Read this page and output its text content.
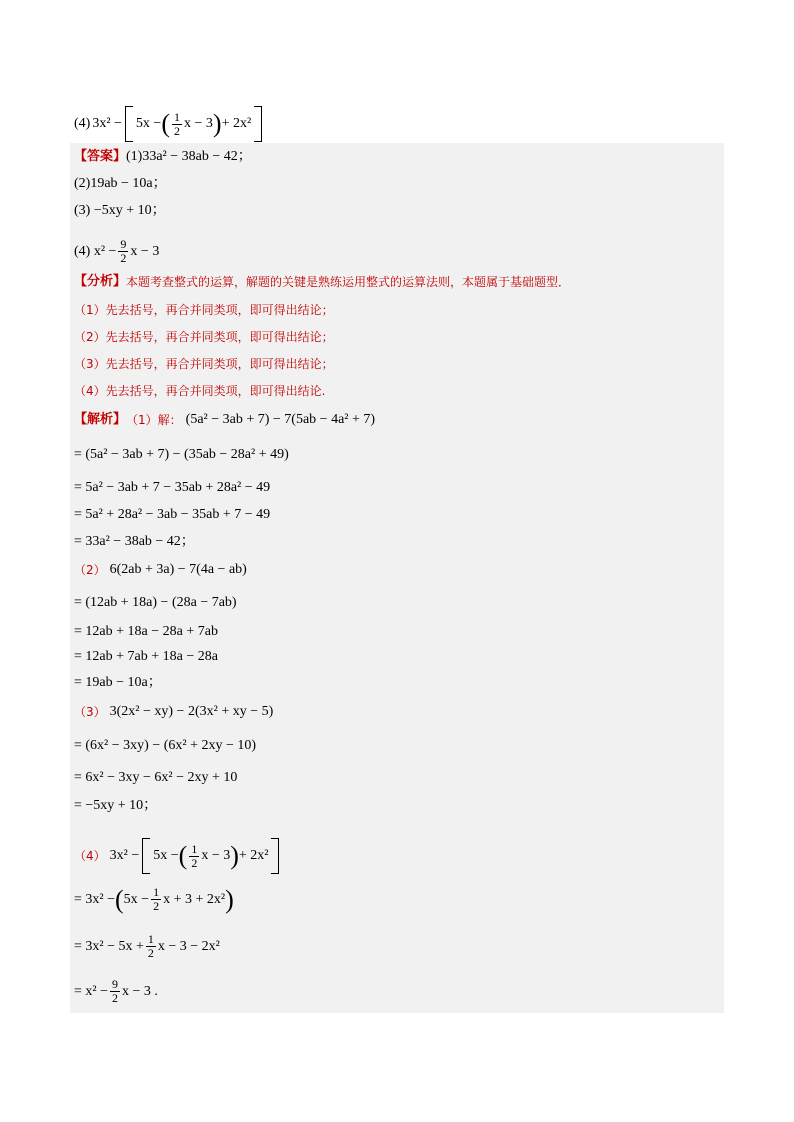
(4) 3x² − 5x − ( $\frac{1}{2}$ x − 3 ) + 2x²
【答案】 (1)33a² − 38ab − 42；
(2)19ab − 10a；
(3) −5xy + 10；
(4) $x^2 - \frac{9}{2}$ x − 3
【分析】 本题考查整式的运算，解题的关键是熟练运用整式的运算法则，本题属于基础题型．
（1）先去括号，再合并同类项，即可得出结论；
（2）先去括号，再合并同类项，即可得出结论；
（3）先去括号，再合并同类项，即可得出结论；
（4）先去括号，再合并同类项，即可得出结论.
【解析】 （1）解： (5a² − 3ab + 7) − 7(5ab − 4a² + 7)
= (5a² − 3ab + 7) − (35ab − 28a² + 49)
= 5a² − 3ab + 7 − 35ab + 28a² − 49
= 5a² + 28a² − 3ab − 35ab + 7 − 49
= 33a² − 38ab − 42；
（2） 6(2ab + 3a) − 7(4a − ab)
= (12ab + 18a) − (28a − 7ab)
= 12ab + 18a − 28a + 7ab
= 12ab + 7ab + 18a − 28a
= 19ab − 10a；
（3） 3(2x² − xy) − 2(3x² + xy − 5)
= (6x² − 3xy) − (6x² + 2xy − 10)
= 6x² − 3xy − 6x² − 2xy + 10
= −5xy + 10；
（4） 3x² − 5x − ( $\frac{1}{2}$ x − 3 ) + 2x²
= 3x² − ( $5x - \frac{1}{2}$ x + 3 + 2x² )
= $3x^2 - 5x + \frac{1}{2}$ x − 3 − 2x²
= $x^2 - \frac{9}{2}$ x − 3 .
